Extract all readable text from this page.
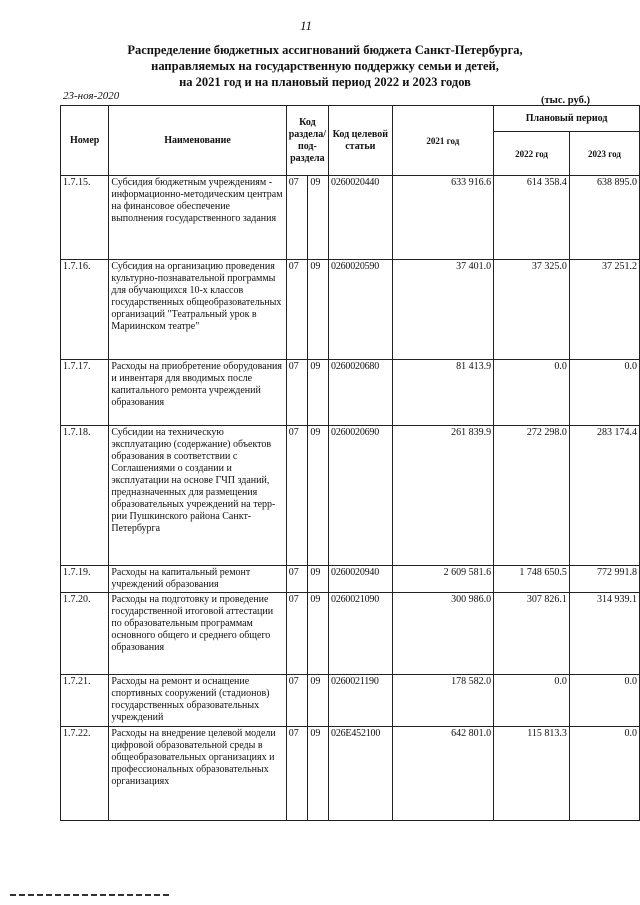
11
Распределение бюджетных ассигнований бюджета Санкт-Петербурга,
направляемых на государственную поддержку семьи и детей,
на 2021 год и на плановый период 2022 и 2023 годов
23-ноя-2020	(тыс. руб.)
Номер	Наименование	Код раздела/ под-раздела		Код целевой статьи	2021 год	Плановый период	
						2022 год	2023 год
1.7.15.	Субсидия бюджетным учреждениям - информационно-методическим центрам на финансовое обеспечение выполнения государственного задания	07	09	0260020440	633 916.6	614 358.4	638 895.0
1.7.16.	Субсидия на организацию проведения культурно-познавательной программы для обучающихся 10-х классов государственных общеобразовательных организаций "Театральный урок в Мариинском театре"	07	09	0260020590	37 401.0	37 325.0	37 251.2
1.7.17.	Расходы на приобретение оборудования и инвентаря для вводимых после капитального ремонта учреждений образования	07	09	0260020680	81 413.9	0.0	0.0
1.7.18.	Субсидии на техническую эксплуатацию (содержание) объектов образования в соответствии с Соглашениями о создании и эксплуатации на основе ГЧП зданий, предназначенных для размещения образовательных учреждений на терр-рии Пушкинского района Санкт-Петербурга	07	09	0260020690	261 839.9	272 298.0	283 174.4
1.7.19.	Расходы на капитальный ремонт учреждений образования	07	09	0260020940	2 609 581.6	1 748 650.5	772 991.8
1.7.20.	Расходы на подготовку и проведение государственной итоговой аттестации по образовательным программам основного общего и среднего общего образования	07	09	0260021090	300 986.0	307 826.1	314 939.1
1.7.21.	Расходы на ремонт и оснащение спортивных сооружений (стадионов) государственных образовательных учреждений	07	09	0260021190	178 582.0	0.0	0.0
1.7.22.	Расходы на внедрение целевой модели цифровой образовательной среды в общеобразовательных организациях и профессиональных образовательных организациях	07	09	026E452100	642 801.0	115 813.3	0.0
